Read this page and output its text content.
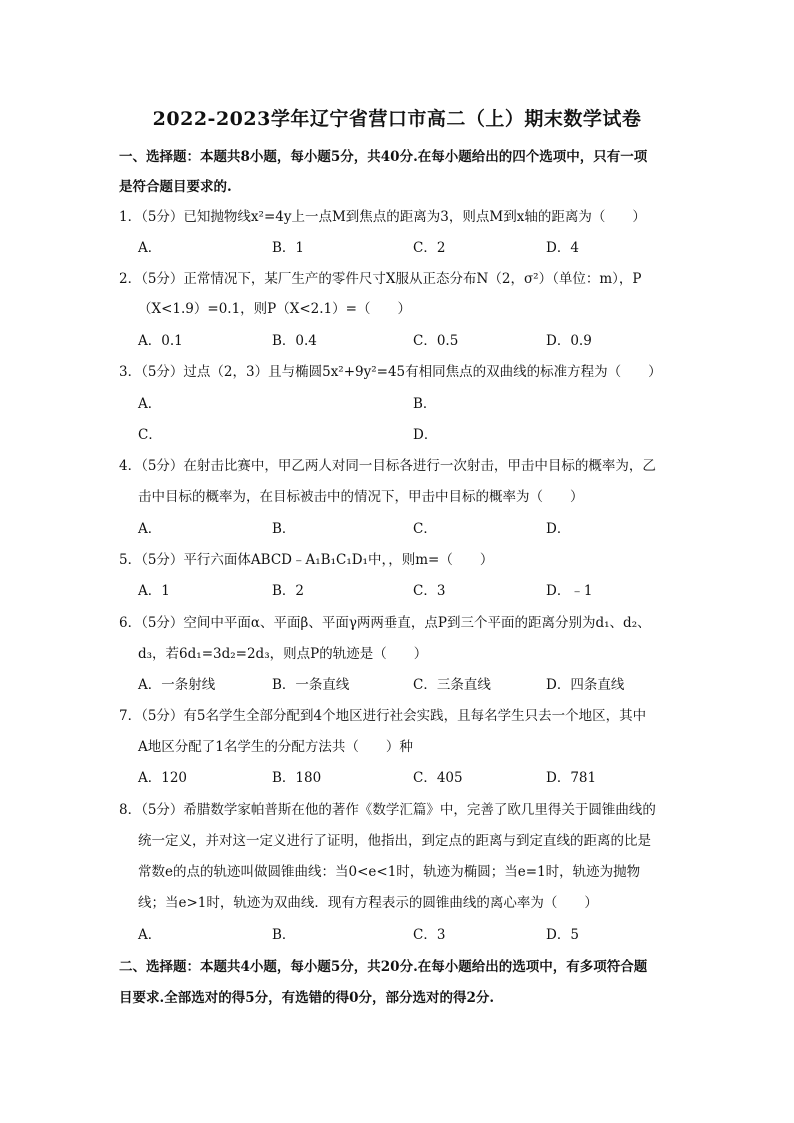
2022-2023学年辽宁省营口市高二（上）期末数学试卷
一、选择题：本题共8小题，每小题5分，共40分.在每小题给出的四个选项中，只有一项
是符合题目要求的.
1．（5分）已知抛物线x²=4y上一点M到焦点的距离为3，则点M到x轴的距离为（　　）
A．	B．1	C．2	D．4
2．（5分）正常情况下，某厂生产的零件尺寸X服从正态分布N（2，σ²）（单位：m），P
（X<1.9）=0.1，则P（X<2.1）=（　　）
A．0.1	B．0.4	C．0.5	D．0.9
3．（5分）过点（2，3）且与椭圆5x²+9y²=45有相同焦点的双曲线的标准方程为（　　）
A．	B．
C．	D．
4．（5分）在射击比赛中，甲乙两人对同一目标各进行一次射击，甲击中目标的概率为，乙
击中目标的概率为，在目标被击中的情况下，甲击中目标的概率为（　　）
A．	B．	C．	D．
5．（5分）平行六面体ABCD﹣A₁B₁C₁D₁中，，则m=（　　）
A．1	B．2	C．3	D．﹣1
6．（5分）空间中平面α、平面β、平面γ两两垂直，点P到三个平面的距离分别为d₁、d₂、
d₃，若6d₁=3d₂=2d₃，则点P的轨迹是（　　）
A．一条射线	B．一条直线	C．三条直线	D．四条直线
7．（5分）有5名学生全部分配到4个地区进行社会实践，且每名学生只去一个地区，其中
A地区分配了1名学生的分配方法共（　　）种
A．120	B．180	C．405	D．781
8．（5分）希腊数学家帕普斯在他的著作《数学汇篇》中，完善了欧几里得关于圆锥曲线的
统一定义，并对这一定义进行了证明，他指出，到定点的距离与到定直线的距离的比是
常数e的点的轨迹叫做圆锥曲线：当0<e<1时，轨迹为椭圆；当e=1时，轨迹为抛物
线；当e>1时，轨迹为双曲线．现有方程表示的圆锥曲线的离心率为（　　）
A．	B．	C．3	D．5
二、选择题：本题共4小题，每小题5分，共20分.在每小题给出的选项中，有多项符合题
目要求.全部选对的得5分，有选错的得0分，部分选对的得2分.
